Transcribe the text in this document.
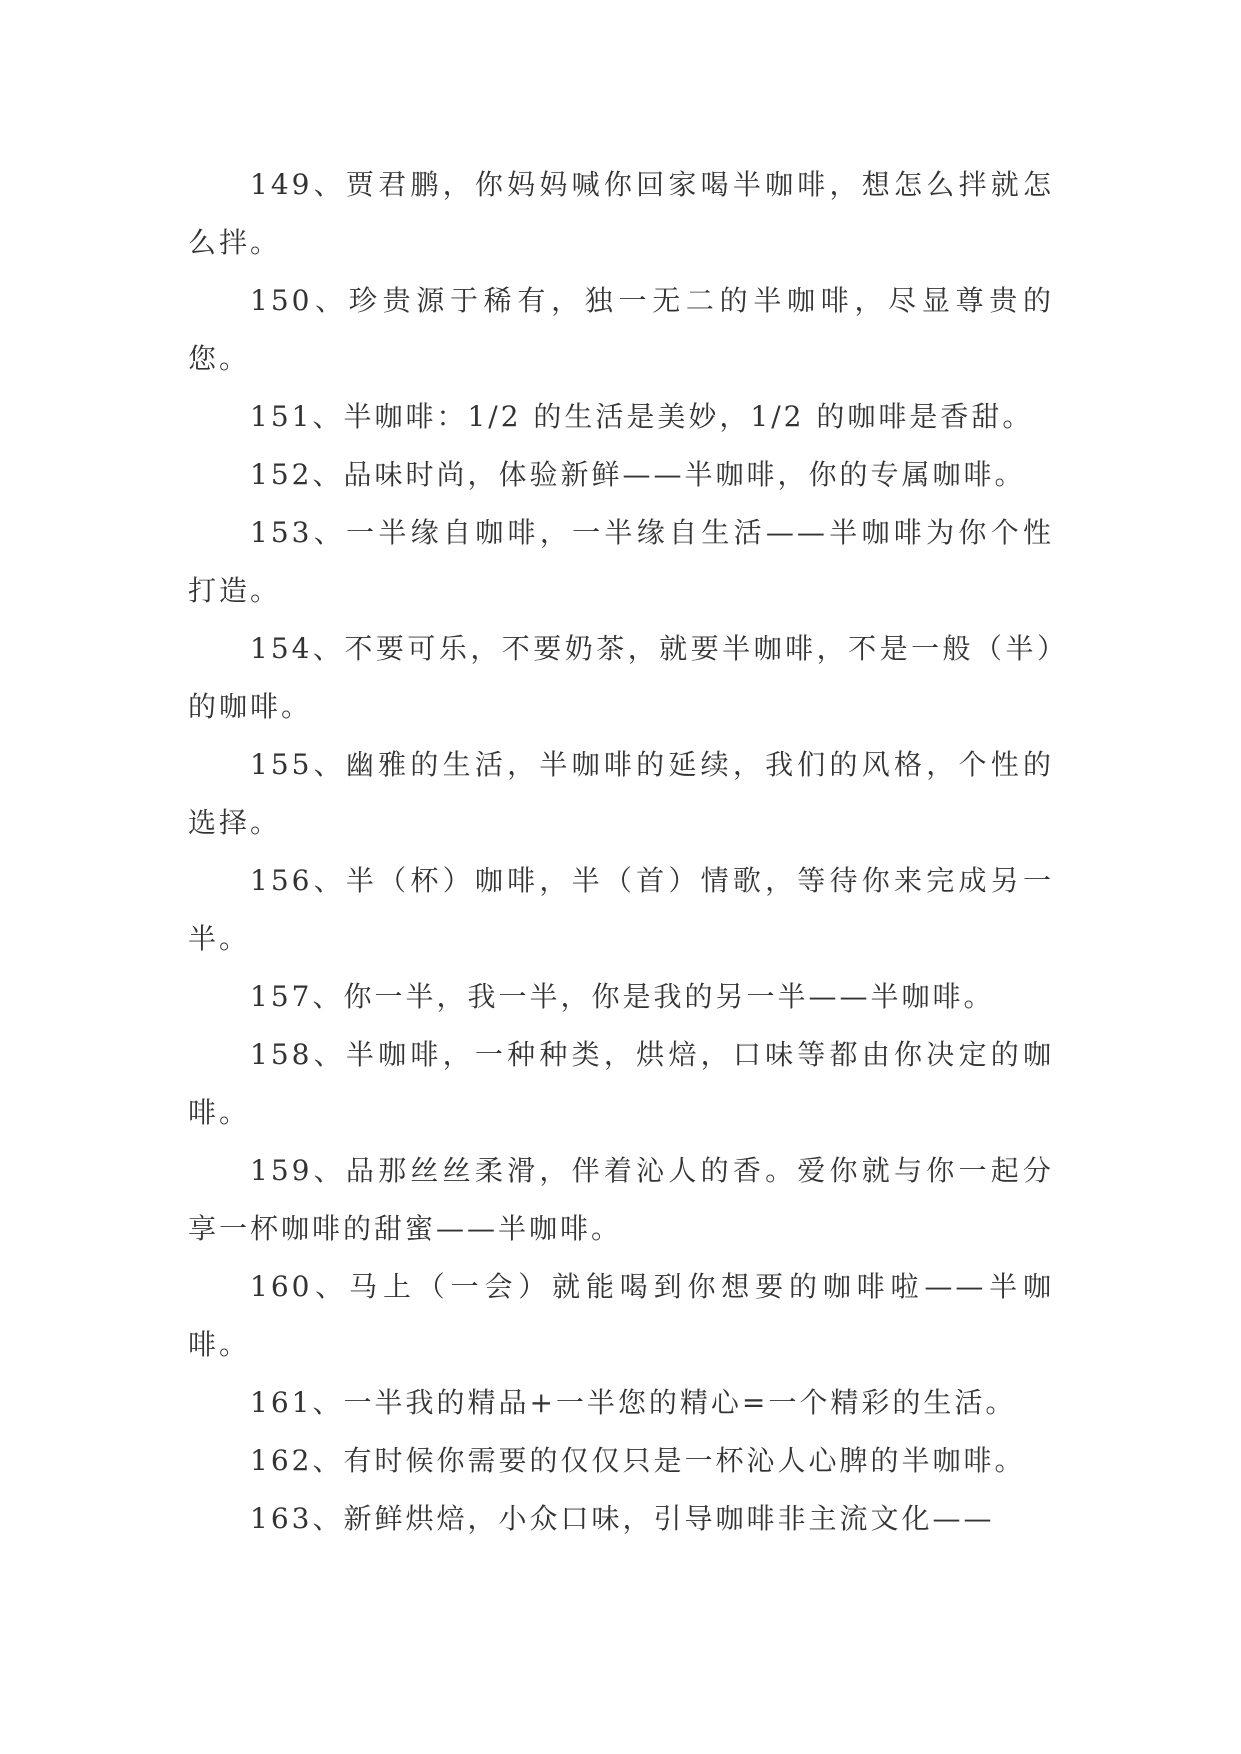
149、贾君鹏，你妈妈喊你回家喝半咖啡，想怎么拌就怎么拌。

150、珍贵源于稀有，独一无二的半咖啡，尽显尊贵的您。

151、半咖啡：1/2 的生活是美妙，1/2 的咖啡是香甜。

152、品味时尚，体验新鲜——半咖啡，你的专属咖啡。

153、一半缘自咖啡，一半缘自生活——半咖啡为你个性打造。

154、不要可乐，不要奶茶，就要半咖啡，不是一般（半）的咖啡。

155、幽雅的生活，半咖啡的延续，我们的风格，个性的选择。

156、半（杯）咖啡，半（首）情歌，等待你来完成另一半。

157、你一半，我一半，你是我的另一半——半咖啡。

158、半咖啡，一种种类，烘焙，口味等都由你决定的咖啡。

159、品那丝丝柔滑，伴着沁人的香。爱你就与你一起分享一杯咖啡的甜蜜——半咖啡。

160、马上（一会）就能喝到你想要的咖啡啦——半咖啡。

161、一半我的精品+一半您的精心=一个精彩的生活。

162、有时候你需要的仅仅只是一杯沁人心脾的半咖啡。

163、新鲜烘焙，小众口味，引导咖啡非主流文化——
